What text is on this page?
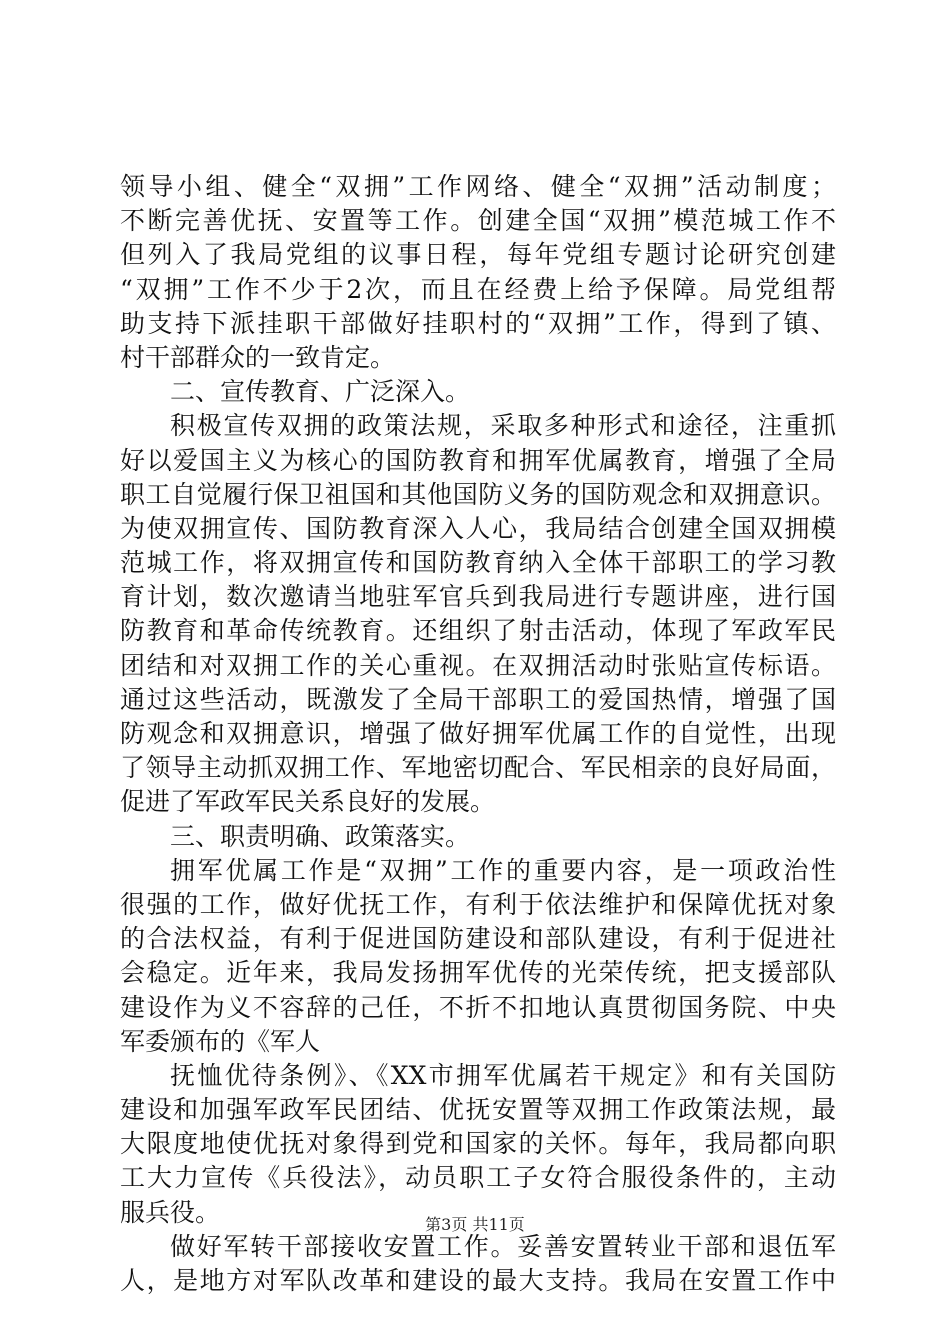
领导小组、健全“双拥”工作网络、健全“双拥”活动制度；
不断完善优抚、安置等工作。创建全国“双拥”模范城工作不
但列入了我局党组的议事日程，每年党组专题讨论研究创建
“双拥”工作不少于2次，而且在经费上给予保障。局党组帮
助支持下派挂职干部做好挂职村的“双拥”工作，得到了镇、
村干部群众的一致肯定。
二、宣传教育、广泛深入。
积极宣传双拥的政策法规，采取多种形式和途径，注重抓
好以爱国主义为核心的国防教育和拥军优属教育，增强了全局
职工自觉履行保卫祖国和其他国防义务的国防观念和双拥意识。
为使双拥宣传、国防教育深入人心，我局结合创建全国双拥模
范城工作，将双拥宣传和国防教育纳入全体干部职工的学习教
育计划，数次邀请当地驻军官兵到我局进行专题讲座，进行国
防教育和革命传统教育。还组织了射击活动，体现了军政军民
团结和对双拥工作的关心重视。在双拥活动时张贴宣传标语。
通过这些活动，既激发了全局干部职工的爱国热情，增强了国
防观念和双拥意识，增强了做好拥军优属工作的自觉性，出现
了领导主动抓双拥工作、军地密切配合、军民相亲的良好局面，
促进了军政军民关系良好的发展。
三、职责明确、政策落实。
拥军优属工作是“双拥”工作的重要内容，是一项政治性
很强的工作，做好优抚工作，有利于依法维护和保障优抚对象
的合法权益，有利于促进国防建设和部队建设，有利于促进社
会稳定。近年来，我局发扬拥军优传的光荣传统，把支援部队
建设作为义不容辞的己任，不折不扣地认真贯彻国务院、中央
军委颁布的《军人
抚恤优待条例》、《XX市拥军优属若干规定》和有关国防
建设和加强军政军民团结、优抚安置等双拥工作政策法规，最
大限度地使优抚对象得到党和国家的关怀。每年，我局都向职
工大力宣传《兵役法》，动员职工子女符合服役条件的，主动
服兵役。
做好军转干部接收安置工作。妥善安置转业干部和退伍军
人，是地方对军队改革和建设的最大支持。我局在安置工作中
第3页 共11页
